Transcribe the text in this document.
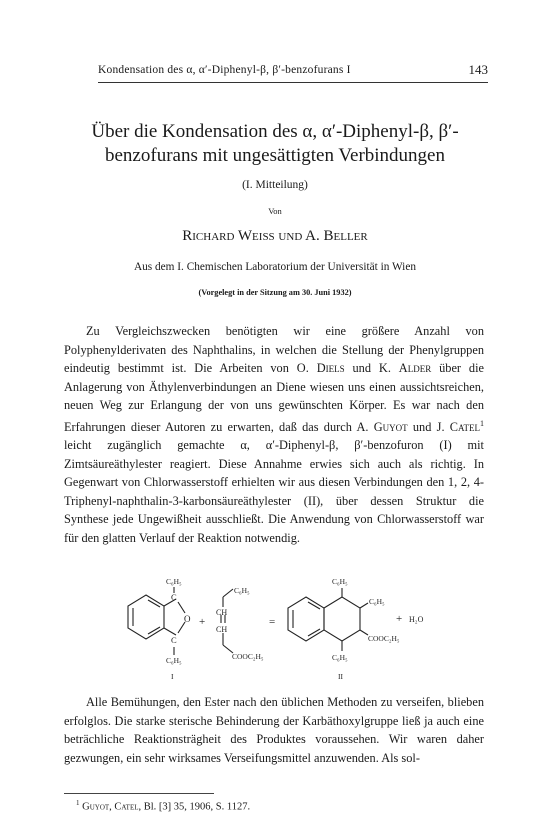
Kondensation des α, α′-Diphenyl-β, β′-benzofurans I	143
Über die Kondensation des α, α′-Diphenyl-β, β′-
benzofurans mit ungesättigten Verbindungen
(I. Mitteilung)
Von
Richard Weiss und A. Beller
Aus dem I. Chemischen Laboratorium der Universität in Wien
(Vorgelegt in der Sitzung am 30. Juni 1932)

Zu Vergleichszwecken benötigten wir eine größere Anzahl von Polyphenylderivaten des Naphthalins, in welchen die Stellung der Phenylgruppen eindeutig bestimmt ist. Die Arbeiten von O. Diels und K. Alder über die Anlagerung von Äthylenverbindungen an Diene wiesen uns einen aussichtsreichen, neuen Weg zur Erlangung der von uns gewünschten Körper. Es war nach den Erfahrungen dieser Autoren zu erwarten, daß das durch A. Guyot und J. Catel$^1$ leicht zugänglich gemachte α, α′-Diphenyl-β, β′-benzofuron (I) mit Zimtsäureäthylester reagiert. Diese Annahme erwies sich auch als richtig. In Gegenwart von Chlorwasserstoff erhielten wir aus diesen Verbindungen den 1, 2, 4-Triphenyl-naphthalin-3-karbonsäureäthylester (II), über dessen Struktur die Synthese jede Ungewißheit ausschließt. Die Anwendung von Chlorwasserstoff war für den glatten Verlauf der Reaktion notwendig.

C₆H₅
C
O
C
C₆H₅
I
+
C₆H₅
CH
CH
COOC₂H₅
=
C₆H₅
C₆H₅
COOC₂H₅
C₆H₅
II
+ H₂O

Alle Bemühungen, den Ester nach den üblichen Methoden zu verseifen, blieben erfolglos. Die starke sterische Behinderung der Karbäthoxylgruppe ließ ja auch eine beträchliche Reaktionsträgheit des Produktes voraussehen. Wir waren daher gezwungen, ein sehr wirksames Verseifungsmittel anzuwenden. Als sol-

$^1$ Guyot, Catel, Bl. [3] 35, 1906, S. 1127.
